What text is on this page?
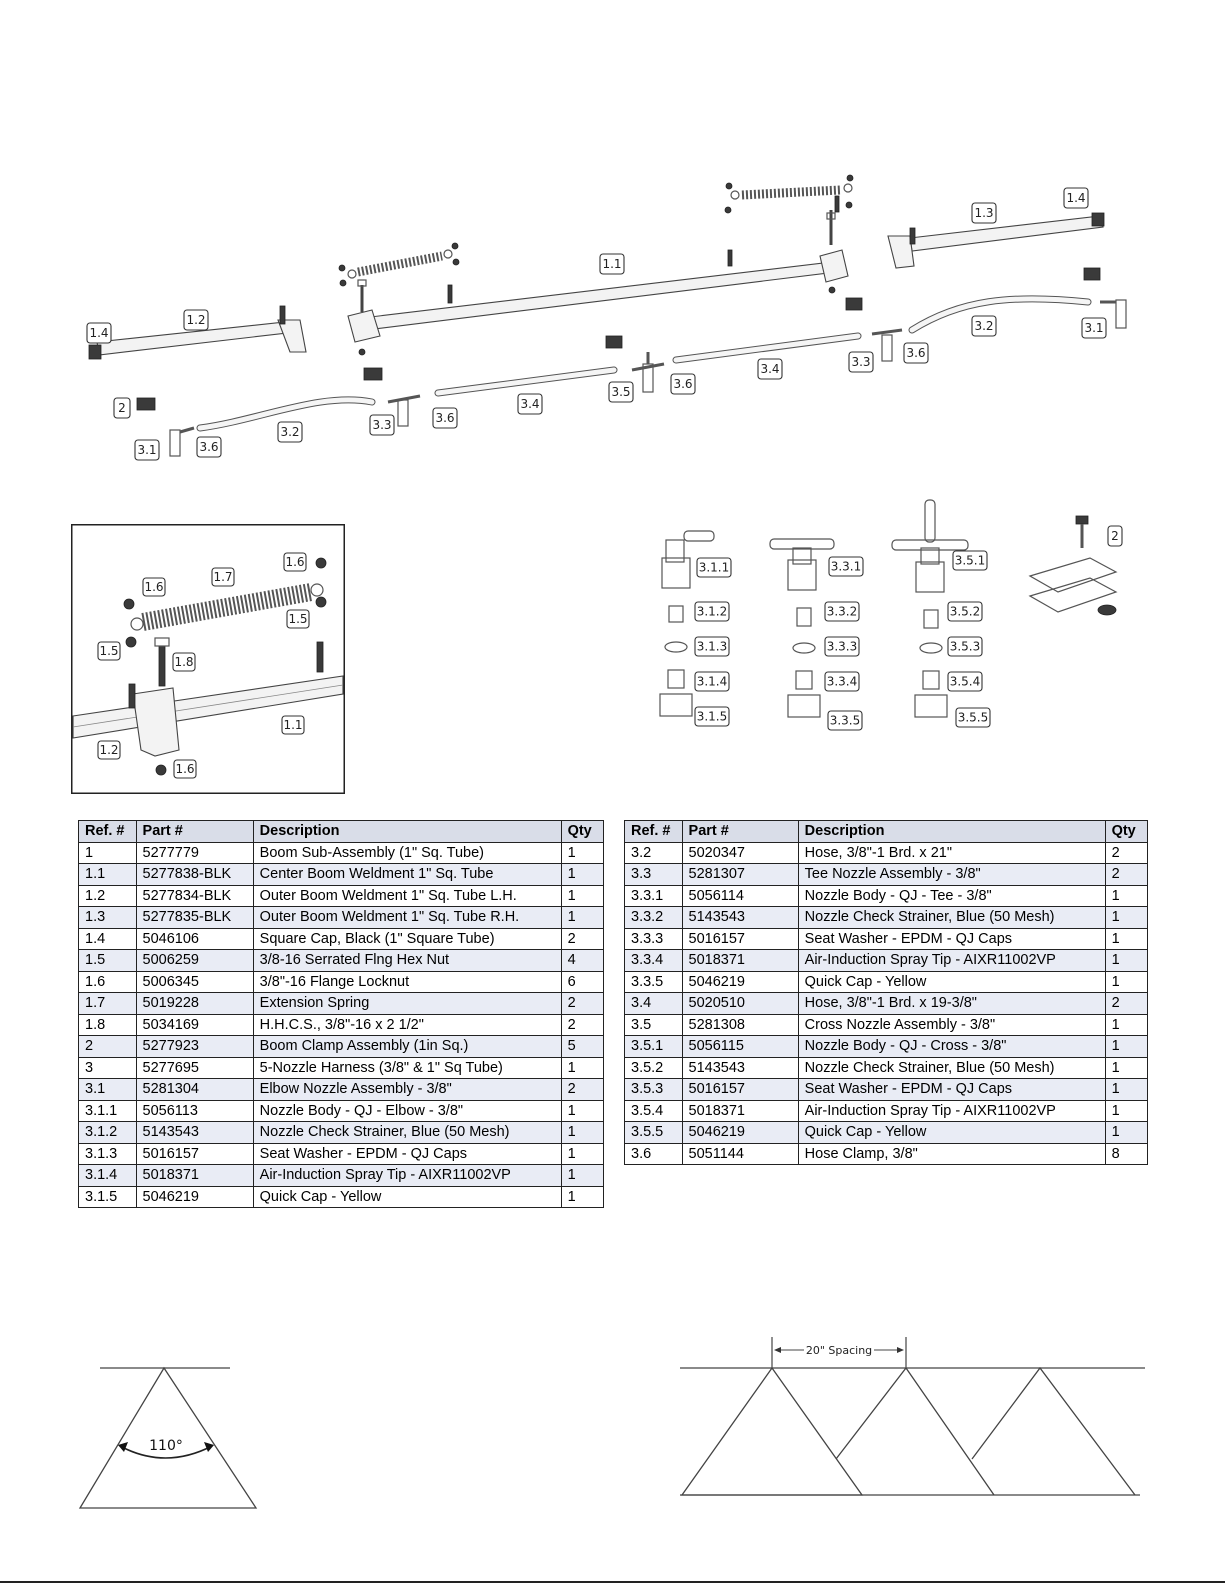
1.1
1.2
1.3
1.4
1.4
2
3.1
3.1
3.2
3.2
3.3
3.3
3.4
3.4
3.5
3.6
3.6
3.6
3.6
1.6
1.7
1.6
1.5
1.5
1.8
1.1
1.2
1.6
3.1.1
3.1.2
3.1.3
3.1.4
3.1.5
3.3.1
3.3.2
3.3.3
3.3.4
3.3.5
3.5.1
3.5.2
3.5.3
3.5.4
3.5.5
2
Ref. #	Part #	Description	Qty
1	5277779	Boom Sub-Assembly (1" Sq. Tube)	1
1.1	5277838-BLK	Center Boom Weldment 1" Sq. Tube	1
1.2	5277834-BLK	Outer Boom Weldment 1" Sq. Tube L.H.	1
1.3	5277835-BLK	Outer Boom Weldment 1" Sq. Tube R.H.	1
1.4	5046106	Square Cap, Black (1" Square Tube)	2
1.5	5006259	3/8-16 Serrated Flng Hex Nut	4
1.6	5006345	3/8"-16 Flange Locknut	6
1.7	5019228	Extension Spring	2
1.8	5034169	H.H.C.S., 3/8"-16 x 2 1/2"	2
2	5277923	Boom Clamp Assembly (1in Sq.)	5
3	5277695	5-Nozzle Harness (3/8" & 1" Sq Tube)	1
3.1	5281304	Elbow Nozzle Assembly - 3/8"	2
3.1.1	5056113	Nozzle Body - QJ - Elbow - 3/8"	1
3.1.2	5143543	Nozzle Check Strainer, Blue (50 Mesh)	1
3.1.3	5016157	Seat Washer - EPDM - QJ Caps	1
3.1.4	5018371	Air-Induction Spray Tip - AIXR11002VP	1
3.1.5	5046219	Quick Cap - Yellow	1
Ref. #	Part #	Description	Qty
3.2	5020347	Hose, 3/8"-1 Brd. x 21"	2
3.3	5281307	Tee Nozzle Assembly - 3/8"	2
3.3.1	5056114	Nozzle Body - QJ - Tee - 3/8"	1
3.3.2	5143543	Nozzle Check Strainer, Blue (50 Mesh)	1
3.3.3	5016157	Seat Washer - EPDM - QJ Caps	1
3.3.4	5018371	Air-Induction Spray Tip - AIXR11002VP	1
3.3.5	5046219	Quick Cap - Yellow	1
3.4	5020510	Hose, 3/8"-1 Brd. x 19-3/8"	2
3.5	5281308	Cross Nozzle Assembly - 3/8"	1
3.5.1	5056115	Nozzle Body - QJ - Cross - 3/8"	1
3.5.2	5143543	Nozzle Check Strainer, Blue (50 Mesh)	1
3.5.3	5016157	Seat Washer - EPDM - QJ Caps	1
3.5.4	5018371	Air-Induction Spray Tip - AIXR11002VP	1
3.5.5	5046219	Quick Cap - Yellow	1
3.6	5051144	Hose Clamp, 3/8"	8
110°
20" Spacing
